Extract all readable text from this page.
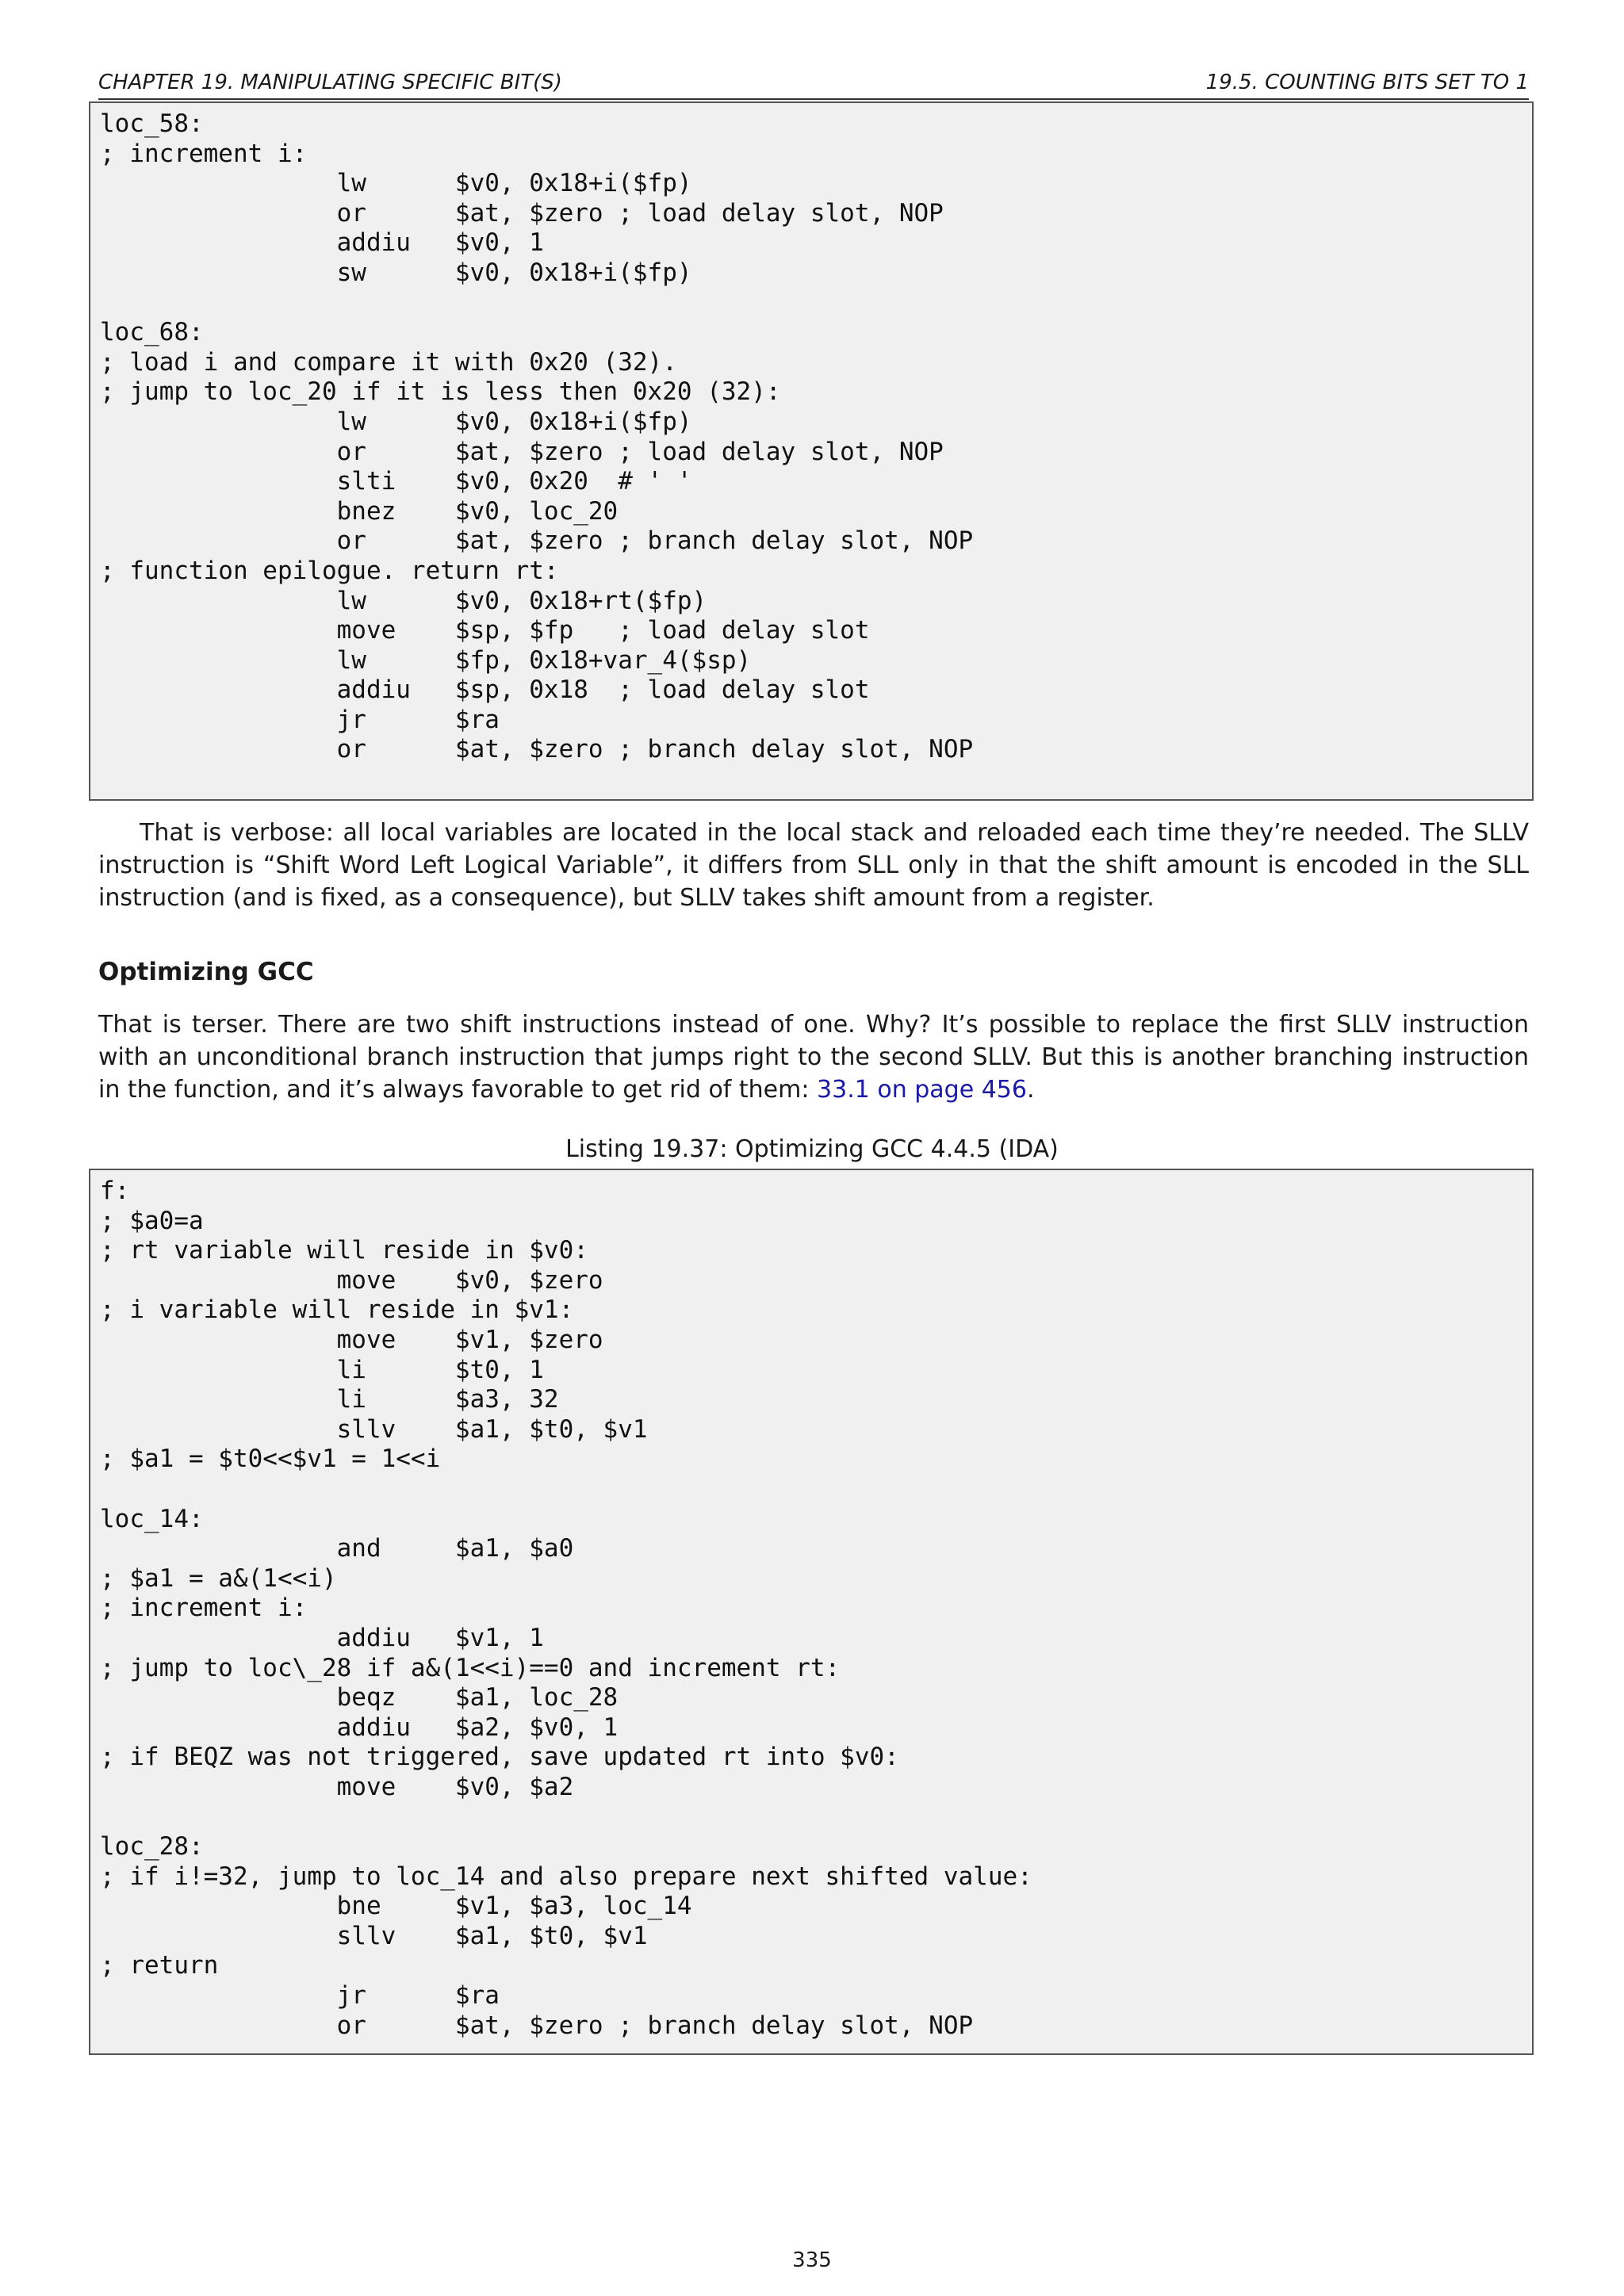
CHAPTER 19. MANIPULATING SPECIFIC BIT(S)	19.5. COUNTING BITS SET TO 1
loc_58:
; increment i:
lw      $v0, 0x18+i($fp)
or      $at, $zero ; load delay slot, NOP
addiu   $v0, 1
sw      $v0, 0x18+i($fp)

loc_68:
; load i and compare it with 0x20 (32).
; jump to loc_20 if it is less then 0x20 (32):
lw      $v0, 0x18+i($fp)
or      $at, $zero ; load delay slot, NOP
slti    $v0, 0x20  # ' '
bnez    $v0, loc_20
or      $at, $zero ; branch delay slot, NOP
; function epilogue. return rt:
lw      $v0, 0x18+rt($fp)
move    $sp, $fp   ; load delay slot
lw      $fp, 0x18+var_4($sp)
addiu   $sp, 0x18  ; load delay slot
jr      $ra
or      $at, $zero ; branch delay slot, NOP

That is verbose: all local variables are located in the local stack and reloaded each time they’re needed. The SLLV instruction is “Shift Word Left Logical Variable”, it differs from SLL only in that the shift amount is encoded in the SLL instruction (and is fixed, as a consequence), but SLLV takes shift amount from a register.

Optimizing GCC

That is terser. There are two shift instructions instead of one. Why? It’s possible to replace the first SLLV instruction with an unconditional branch instruction that jumps right to the second SLLV. But this is another branching instruction in the function, and it’s always favorable to get rid of them: 33.1 on page 456.

Listing 19.37: Optimizing GCC 4.4.5 (IDA)

f:
; $a0=a
; rt variable will reside in $v0:
move    $v0, $zero
; i variable will reside in $v1:
move    $v1, $zero
li      $t0, 1
li      $a3, 32
sllv    $a1, $t0, $v1
; $a1 = $t0<<$v1 = 1<<i

loc_14:
and     $a1, $a0
; $a1 = a&(1<<i)
; increment i:
addiu   $v1, 1
; jump to loc\_28 if a&(1<<i)==0 and increment rt:
beqz    $a1, loc_28
addiu   $a2, $v0, 1
; if BEQZ was not triggered, save updated rt into $v0:
move    $v0, $a2

loc_28:
; if i!=32, jump to loc_14 and also prepare next shifted value:
bne     $v1, $a3, loc_14
sllv    $a1, $t0, $v1
; return
jr      $ra
or      $at, $zero ; branch delay slot, NOP

335
